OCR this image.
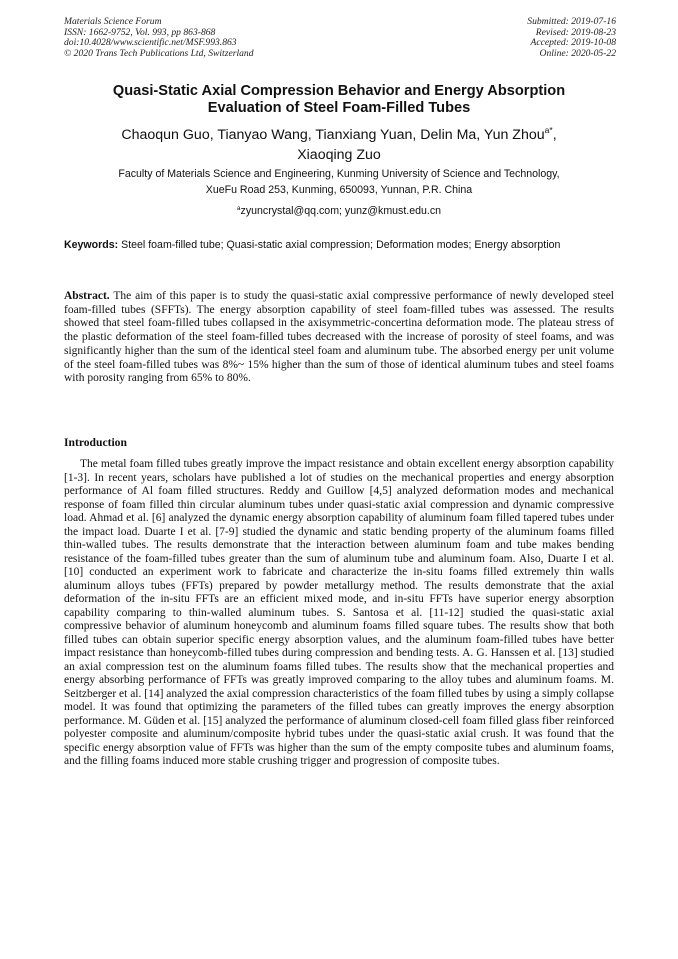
Materials Science Forum
ISSN: 1662-9752, Vol. 993, pp 863-868
doi:10.4028/www.scientific.net/MSF.993.863
© 2020 Trans Tech Publications Ltd, Switzerland
Submitted: 2019-07-16
Revised: 2019-08-23
Accepted: 2019-10-08
Online: 2020-05-22
Quasi-Static Axial Compression Behavior and Energy Absorption
Evaluation of Steel Foam-Filled Tubes
Chaoqun Guo, Tianyao Wang, Tianxiang Yuan, Delin Ma, Yun Zhou$^{a*}$,
Xiaoqing Zuo
Faculty of Materials Science and Engineering, Kunming University of Science and Technology,
XueFu Road 253, Kunming, 650093, Yunnan, P.R. China
$^a$zyuncrystal@qq.com; yunz@kmust.edu.cn
Keywords: Steel foam-filled tube; Quasi-static axial compression; Deformation modes; Energy absorption
Abstract. The aim of this paper is to study the quasi-static axial compressive performance of newly developed steel foam-filled tubes (SFFTs). The energy absorption capability of steel foam-filled tubes was assessed. The results showed that steel foam-filled tubes collapsed in the axisymmetric-concertina deformation mode. The plateau stress of the plastic deformation of the steel foam-filled tubes decreased with the increase of porosity of steel foams, and was significantly higher than the sum of the identical steel foam and aluminum tube. The absorbed energy per unit volume of the steel foam-filled tubes was 8%~ 15% higher than the sum of those of identical aluminum tubes and steel foams with porosity ranging from 65% to 80%.
Introduction
The metal foam filled tubes greatly improve the impact resistance and obtain excellent energy absorption capability [1-3]. In recent years, scholars have published a lot of studies on the mechanical properties and energy absorption performance of Al foam filled structures. Reddy and Guillow [4,5] analyzed deformation modes and mechanical response of foam filled thin circular aluminum tubes under quasi-static axial compression and dynamic compressive load. Ahmad et al. [6] analyzed the dynamic energy absorption capability of aluminum foam filled tapered tubes under the impact load. Duarte I et al. [7-9] studied the dynamic and static bending property of the aluminum foams filled thin-walled tubes. The results demonstrate that the interaction between aluminum foam and tube makes bending resistance of the foam-filled tubes greater than the sum of aluminum tube and aluminum foam. Also, Duarte I et al. [10] conducted an experiment work to fabricate and characterize the in-situ foams filled extremely thin walls aluminum alloys tubes (FFTs) prepared by powder metallurgy method. The results demonstrate that the axial deformation of the in-situ FFTs are an efficient mixed mode, and in-situ FFTs have superior energy absorption capability comparing to thin-walled aluminum tubes. S. Santosa et al. [11-12] studied the quasi-static axial compressive behavior of aluminum honeycomb and aluminum foams filled square tubes. The results show that both filled tubes can obtain superior specific energy absorption values, and the aluminum foam-filled tubes have better impact resistance than honeycomb-filled tubes during compression and bending tests. A. G. Hanssen et al. [13] studied an axial compression test on the aluminum foams filled tubes. The results show that the mechanical properties and energy absorbing performance of FFTs was greatly improved comparing to the alloy tubes and aluminum foams. M. Seitzberger et al. [14] analyzed the axial compression characteristics of the foam filled tubes by using a simply collapse model. It was found that optimizing the parameters of the filled tubes can greatly improves the energy absorption performance. M. Güden et al. [15] analyzed the performance of aluminum closed-cell foam filled glass fiber reinforced polyester composite and aluminum/composite hybrid tubes under the quasi-static axial crush. It was found that the specific energy absorption value of FFTs was higher than the sum of the empty composite tubes and aluminum foams, and the filling foams induced more stable crushing trigger and progression of composite tubes.
